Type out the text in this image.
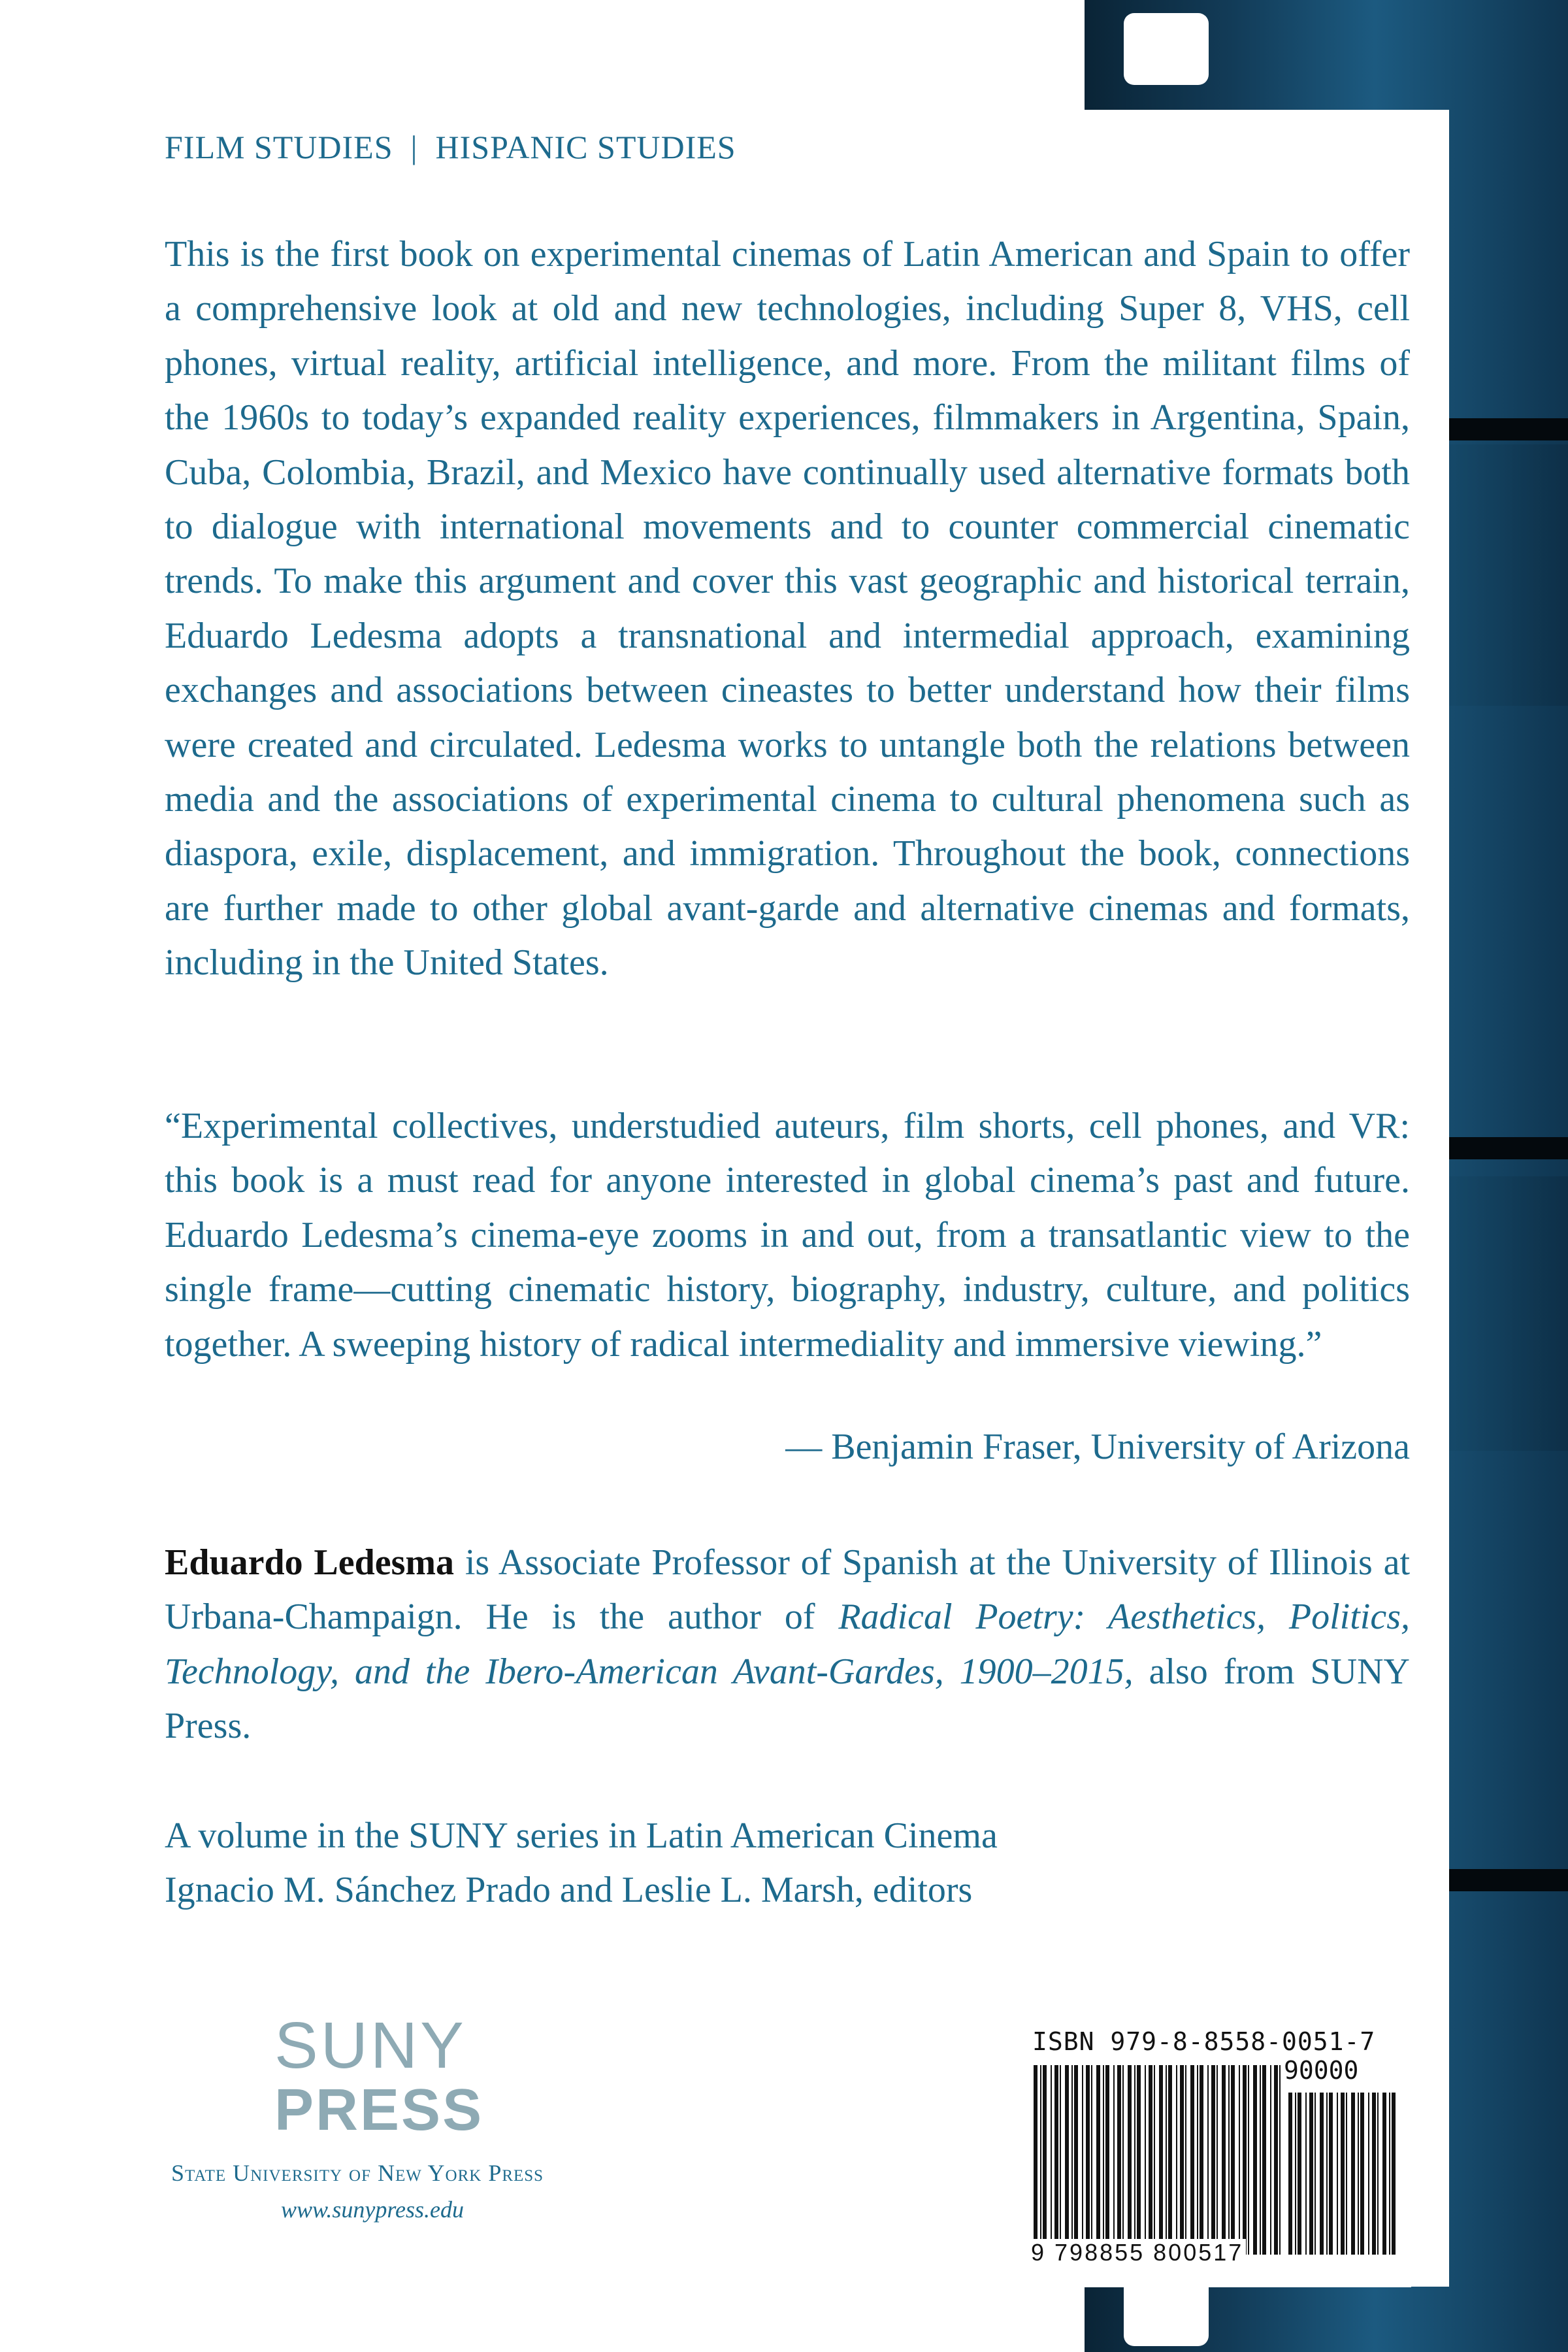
FILM STUDIES  |  HISPANIC STUDIES
This is the first book on experimental cinemas of Latin American and Spain to offer a comprehensive look at old and new technologies, including Super 8, VHS, cell phones, virtual reality, artificial intelligence, and more. From the militant films of the 1960s to today’s expanded reality experiences, filmmakers in Argentina, Spain, Cuba, Colombia, Brazil, and Mexico have continually used alternative formats both to dialogue with international movements and to counter commercial cinematic trends. To make this argument and cover this vast geographic and historical terrain, Eduardo Ledesma adopts a transnational and intermedial approach, examining exchanges and associations between cineastes to better understand how their films were created and circulated. Ledesma works to untangle both the relations between media and the associations of experimental cinema to cultural phenomena such as diaspora, exile, displacement, and immigration. Throughout the book, connections are further made to other global avant-garde and alternative cinemas and formats, including in the United States.
“Experimental collectives, understudied auteurs, film shorts, cell phones, and VR: this book is a must read for anyone interested in global cinema’s past and future. Eduardo Ledesma’s cinema-eye zooms in and out, from a transatlantic view to the single frame—cutting cinematic history, biography, industry, culture, and politics together. A sweeping history of radical intermediality and immersive viewing.”
— Benjamin Fraser, University of Arizona
Eduardo Ledesma is Associate Professor of Spanish at the University of Illinois at Urbana-Champaign. He is the author of Radical Poetry: Aesthetics, Politics, Technology, and the Ibero-American Avant-Gardes, 1900–2015, also from SUNY Press.
A volume in the SUNY series in Latin American Cinema
Ignacio M. Sánchez Prado and Leslie L. Marsh, editors
SUNY
PRESS
State University of New York Press
www.sunypress.edu
ISBN 979-8-8558-0051-7
90000
9 798855 800517
